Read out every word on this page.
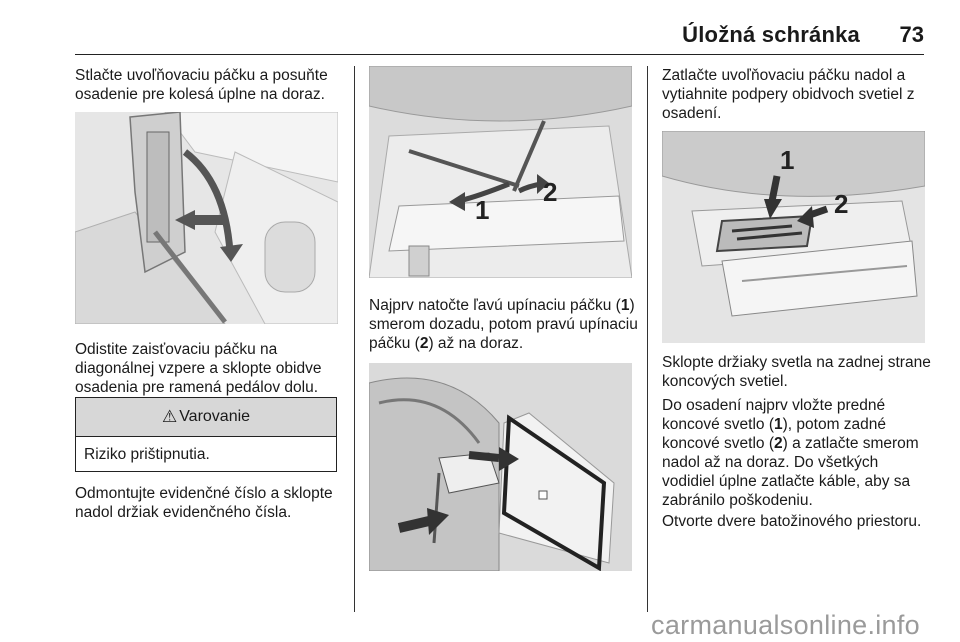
Úložná schránka 73

Stlačte uvoľňovaciu páčku a posuňte osadenie pre kolesá úplne na doraz.

Odistite zaisťovaciu páčku na diagonálnej vzpere a sklopte obidve osadenia pre ramená pedálov dolu.

⚠ Varovanie
Riziko prištipnutia.

Odmontujte evidenčné číslo a sklopte nadol držiak evidenčného čísla.

1
2

Najprv natočte ľavú upínaciu páčku (1) smerom dozadu, potom pravú upínaciu páčku (2) až na doraz.

Zatlačte uvoľňovaciu páčku nadol a vytiahnite podpery obidvoch svetiel z osadení.

1
2

Sklopte držiaky svetla na zadnej strane koncových svetiel.

Do osadení najprv vložte predné koncové svetlo (1), potom zadné koncové svetlo (2) a zatlačte smerom nadol až na doraz. Do všetkých vodidiel úplne zatlačte káble, aby sa zabránilo poškodeniu.

Otvorte dvere batožinového priestoru.

carmanualsonline.info
